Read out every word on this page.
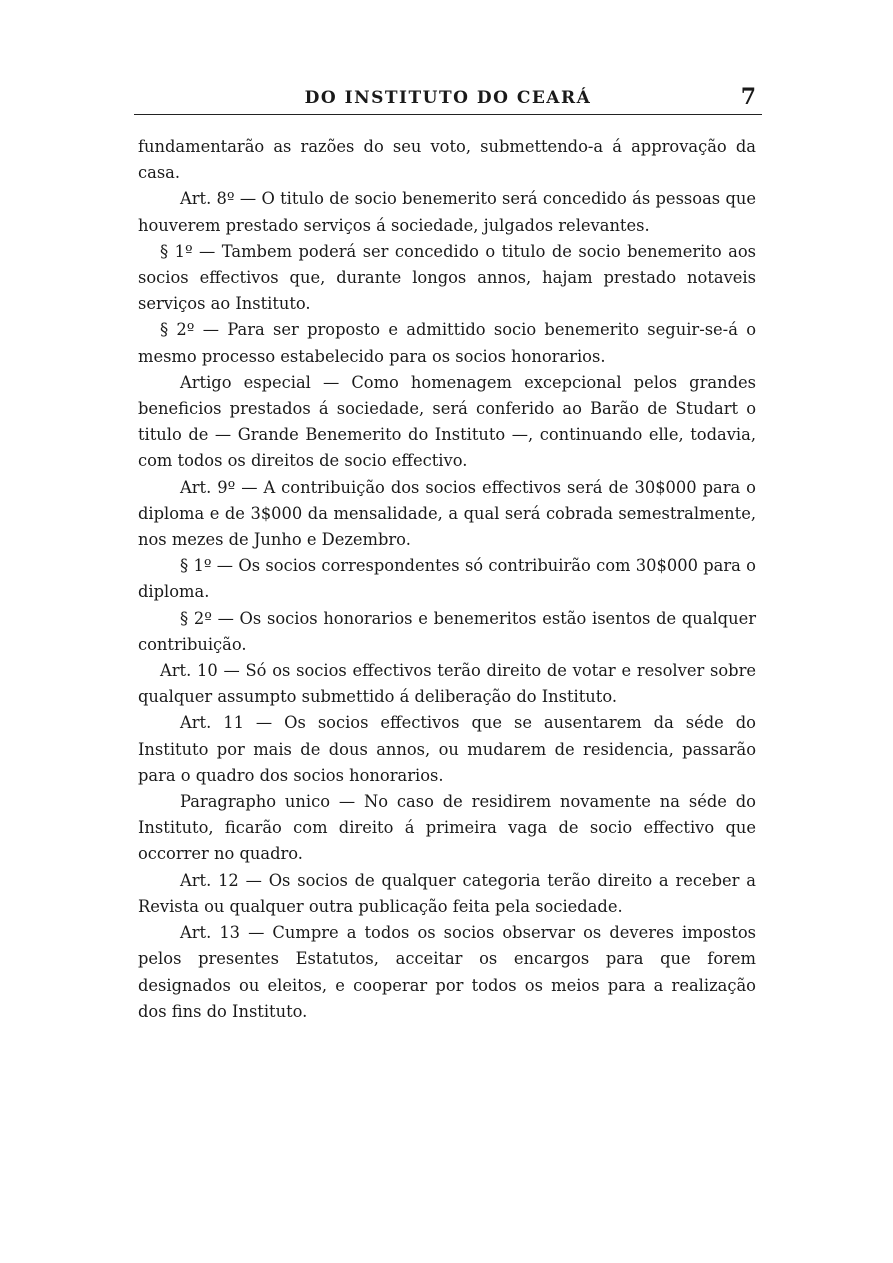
DO INSTITUTO DO CEARÁ	7

fundamentarão as razões do seu voto, submettendo-a á approvação da casa.

Art. 8º — O titulo de socio benemerito será concedido ás pessoas que houverem prestado serviços á sociedade, julgados relevantes.

§ 1º — Tambem poderá ser concedido o titulo de socio benemerito aos socios effectivos que, durante longos annos, hajam prestado notaveis serviços ao Instituto.

§ 2º — Para ser proposto e admittido socio benemerito seguir-se-á o mesmo processo estabelecido para os socios honorarios.

Artigo especial — Como homenagem excepcional pelos grandes beneficios prestados á sociedade, será conferido ao Barão de Studart o titulo de — Grande Benemerito do Instituto —, continuando elle, todavia, com todos os direitos de socio effectivo.

Art. 9º — A contribuição dos socios effectivos será de 30$000 para o diploma e de 3$000 da mensalidade, a qual será cobrada semestralmente, nos mezes de Junho e Dezembro.

§ 1º — Os socios correspondentes só contribuirão com 30$000 para o diploma.

§ 2º — Os socios honorarios e benemeritos estão isentos de qualquer contribuição.

Art. 10 — Só os socios effectivos terão direito de votar e resolver sobre qualquer assumpto submettido á deliberação do Instituto.

Art. 11 — Os socios effectivos que se ausentarem da séde do Instituto por mais de dous annos, ou mudarem de residencia, passarão para o quadro dos socios honorarios.

Paragrapho unico — No caso de residirem novamente na séde do Instituto, ficarão com direito á primeira vaga de socio effectivo que occorrer no quadro.

Art. 12 — Os socios de qualquer categoria terão direito a receber a Revista ou qualquer outra publicação feita pela sociedade.

Art. 13 — Cumpre a todos os socios observar os deveres impostos pelos presentes Estatutos, acceitar os encargos para que forem designados ou eleitos, e cooperar por todos os meios para a realização dos fins do Instituto.
